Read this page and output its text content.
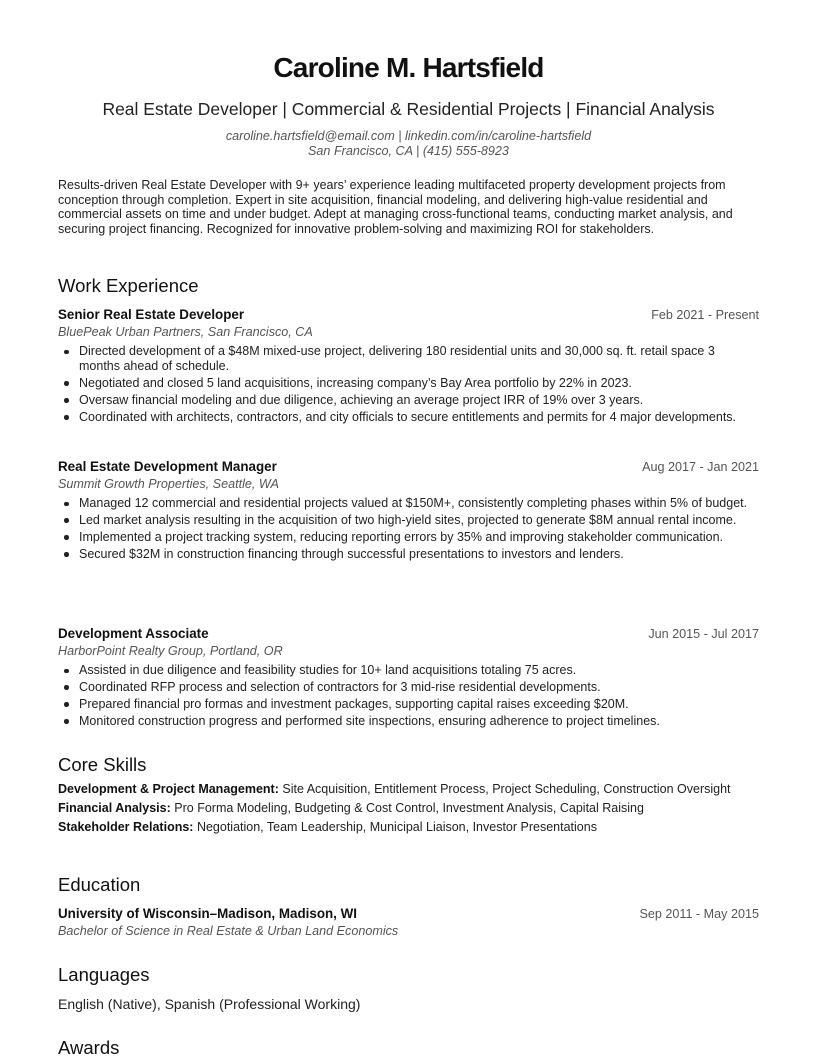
Caroline M. Hartsfield
Real Estate Developer | Commercial & Residential Projects | Financial Analysis
caroline.hartsfield@email.com | linkedin.com/in/caroline-hartsfield
San Francisco, CA | (415) 555-8923
Results-driven Real Estate Developer with 9+ years’ experience leading multifaceted property development projects from conception through completion. Expert in site acquisition, financial modeling, and delivering high-value residential and commercial assets on time and under budget. Adept at managing cross-functional teams, conducting market analysis, and securing project financing. Recognized for innovative problem-solving and maximizing ROI for stakeholders.
Work Experience
Senior Real Estate Developer	Feb 2021 - Present
BluePeak Urban Partners, San Francisco, CA
Directed development of a $48M mixed-use project, delivering 180 residential units and 30,000 sq. ft. retail space 3 months ahead of schedule.
Negotiated and closed 5 land acquisitions, increasing company’s Bay Area portfolio by 22% in 2023.
Oversaw financial modeling and due diligence, achieving an average project IRR of 19% over 3 years.
Coordinated with architects, contractors, and city officials to secure entitlements and permits for 4 major developments.
Real Estate Development Manager	Aug 2017 - Jan 2021
Summit Growth Properties, Seattle, WA
Managed 12 commercial and residential projects valued at $150M+, consistently completing phases within 5% of budget.
Led market analysis resulting in the acquisition of two high-yield sites, projected to generate $8M annual rental income.
Implemented a project tracking system, reducing reporting errors by 35% and improving stakeholder communication.
Secured $32M in construction financing through successful presentations to investors and lenders.
Development Associate	Jun 2015 - Jul 2017
HarborPoint Realty Group, Portland, OR
Assisted in due diligence and feasibility studies for 10+ land acquisitions totaling 75 acres.
Coordinated RFP process and selection of contractors for 3 mid-rise residential developments.
Prepared financial pro formas and investment packages, supporting capital raises exceeding $20M.
Monitored construction progress and performed site inspections, ensuring adherence to project timelines.
Core Skills
Development & Project Management: Site Acquisition, Entitlement Process, Project Scheduling, Construction Oversight
Financial Analysis: Pro Forma Modeling, Budgeting & Cost Control, Investment Analysis, Capital Raising
Stakeholder Relations: Negotiation, Team Leadership, Municipal Liaison, Investor Presentations
Education
University of Wisconsin–Madison, Madison, WI	Sep 2011 - May 2015
Bachelor of Science in Real Estate & Urban Land Economics
Languages
English (Native), Spanish (Professional Working)
Awards
